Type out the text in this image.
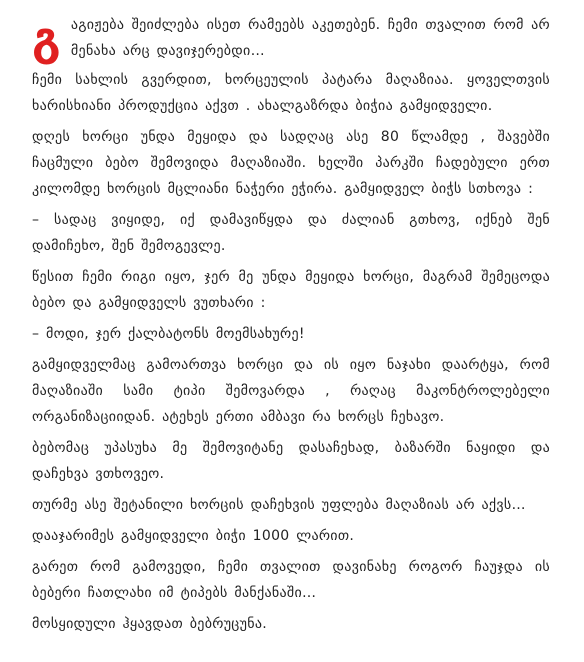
გ აგიჟება შეიძლება ისეთ რამეებს აკეთებენ. ჩემი თვალით რომ არ მენახა არც დავიჯერებდი…

ჩემი სახლის გვერდით, ხორცეულის პატარა მაღაზიაა. ყოველთვის ხარისხიანი პროდუქცია აქვთ . ახალგაზრდა ბიჭია გამყიდველი.

დღეს ხორცი უნდა მეყიდა და სადღაც ასე 80 წლამდე , შავებში ჩაცმული ბებო შემოვიდა მაღაზიაში. ხელში პარკში ჩადებული ერთ კილომდე ხორცის მცლიანი ნაჭერი ეჭირა. გამყიდველ ბიჭს სთხოვა :

– სადაც ვიყიდე, იქ დამავიწყდა და ძალიან გთხოვ, იქნებ შენ დამიჩეხო, შენ შემოგევლე.

წესით ჩემი რიგი იყო, ჯერ მე უნდა მეყიდა ხორცი, მაგრამ შემეცოდა ბებო და გამყიდველს ვუთხარი :

– მოდი, ჯერ ქალბატონს მოემსახურე!

გამყიდველმაც გამოართვა ხორცი და ის იყო ნაჯახი დაარტყა, რომ მაღაზიაში სამი ტიპი შემოვარდა , რაღაც მაკონტროლებელი ორგანიზაციიდან. ატეხეს ერთი ამბავი რა ხორცს ჩეხავო.

ბებომაც უპასუხა მე შემოვიტანე დასაჩეხად, ბაზარში ნაყიდი და დაჩეხვა ვთხოვეო.

თურმე ასე შეტანილი ხორცის დაჩეხვის უფლება მაღაზიას არ აქვს…

დააჯარიმეს გამყიდველი ბიჭი 1000 ლარით.

გარეთ რომ გამოვედი, ჩემი თვალით დავინახე როგორ ჩაუჯდა ის ბებერი ჩათლახი იმ ტიპებს მანქანაში…

მოსყიდული ჰყავდათ ბებრუცუნა.
